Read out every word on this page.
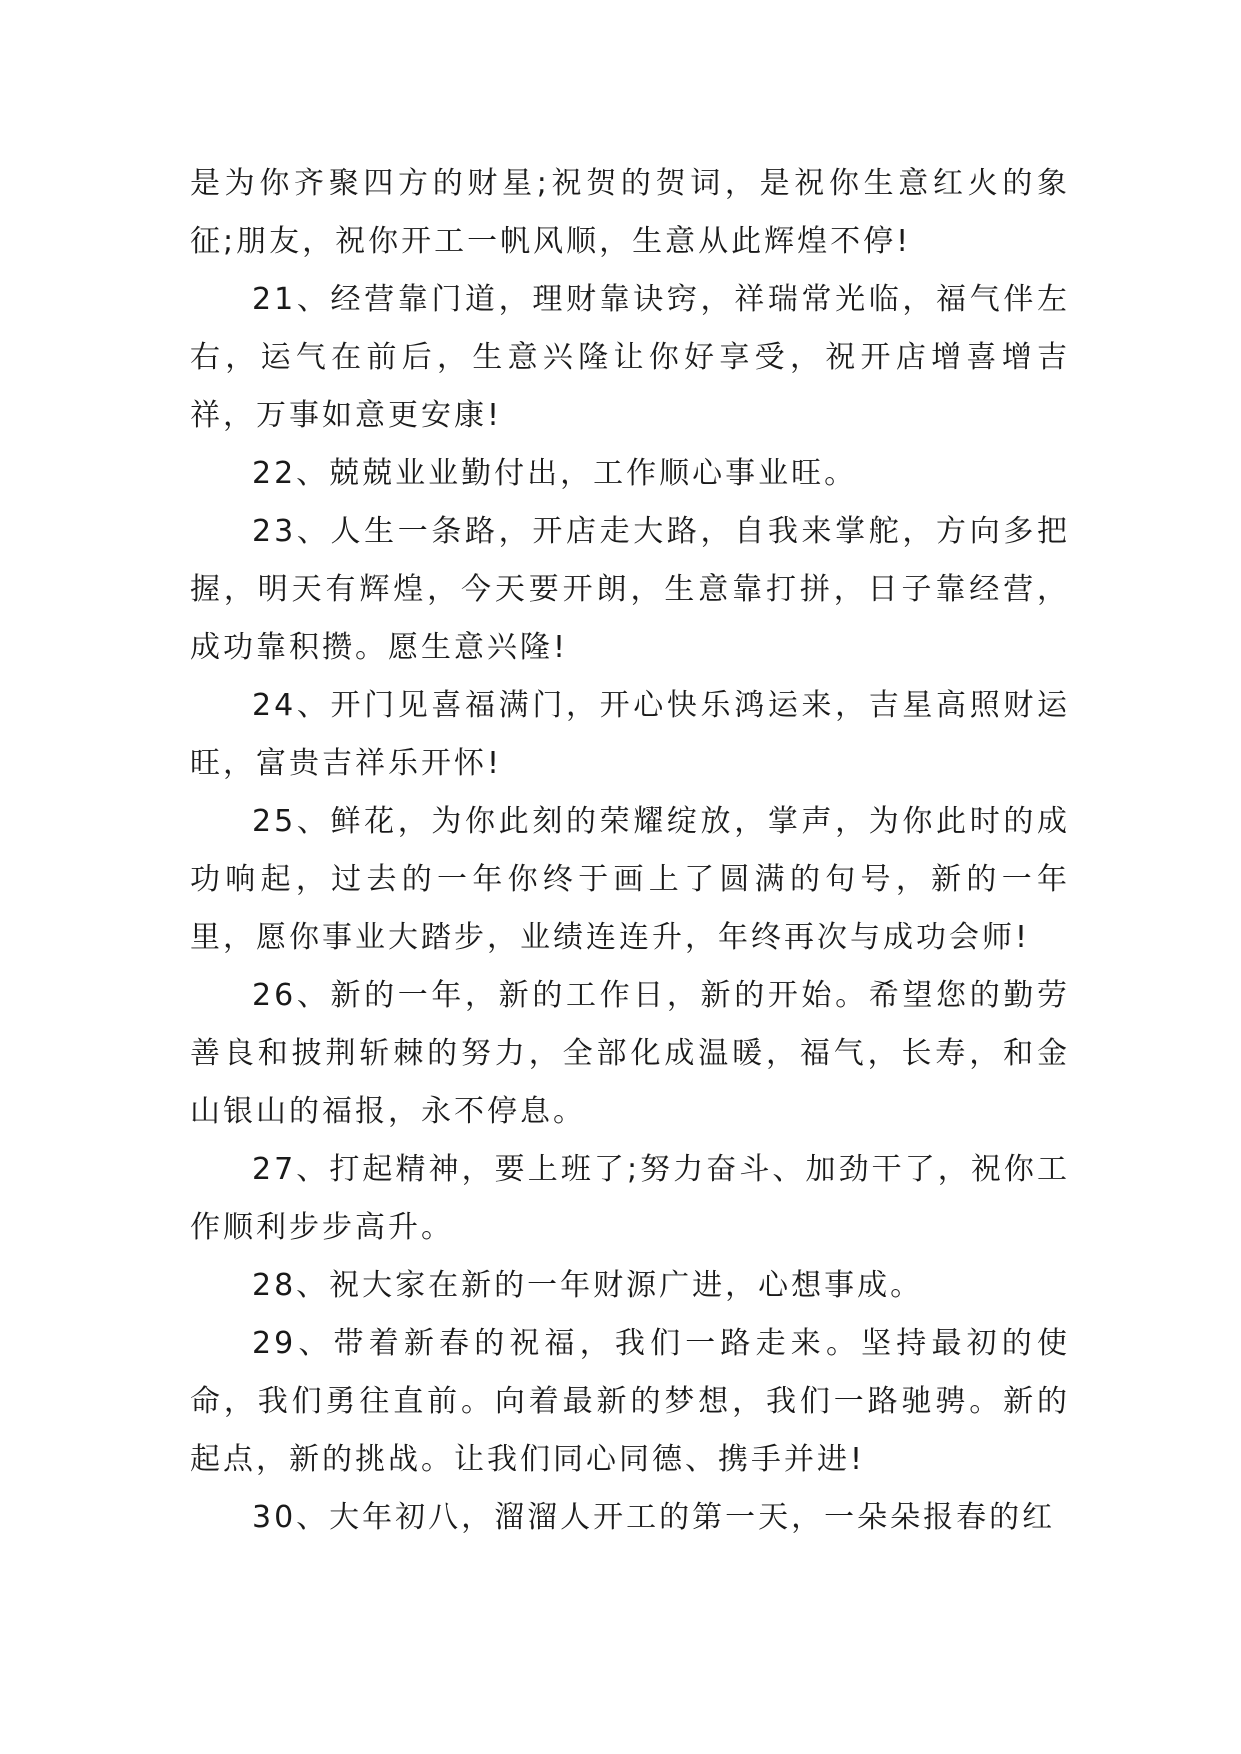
是为你齐聚四方的财星;祝贺的贺词，是祝你生意红火的象征;朋友，祝你开工一帆风顺，生意从此辉煌不停!

21、经营靠门道，理财靠诀窍，祥瑞常光临，福气伴左右，运气在前后，生意兴隆让你好享受，祝开店增喜增吉祥，万事如意更安康!

22、兢兢业业勤付出，工作顺心事业旺。

23、人生一条路，开店走大路，自我来掌舵，方向多把握，明天有辉煌，今天要开朗，生意靠打拼，日子靠经营，成功靠积攒。愿生意兴隆!

24、开门见喜福满门，开心快乐鸿运来，吉星高照财运旺，富贵吉祥乐开怀!

25、鲜花，为你此刻的荣耀绽放，掌声，为你此时的成功响起，过去的一年你终于画上了圆满的句号，新的一年里，愿你事业大踏步，业绩连连升，年终再次与成功会师!

26、新的一年，新的工作日，新的开始。希望您的勤劳善良和披荆斩棘的努力，全部化成温暖，福气，长寿，和金山银山的福报，永不停息。

27、打起精神，要上班了;努力奋斗、加劲干了，祝你工作顺利步步高升。

28、祝大家在新的一年财源广进，心想事成。

29、带着新春的祝福，我们一路走来。坚持最初的使命，我们勇往直前。向着最新的梦想，我们一路驰骋。新的起点，新的挑战。让我们同心同德、携手并进!

30、大年初八，溜溜人开工的第一天，一朵朵报春的红
